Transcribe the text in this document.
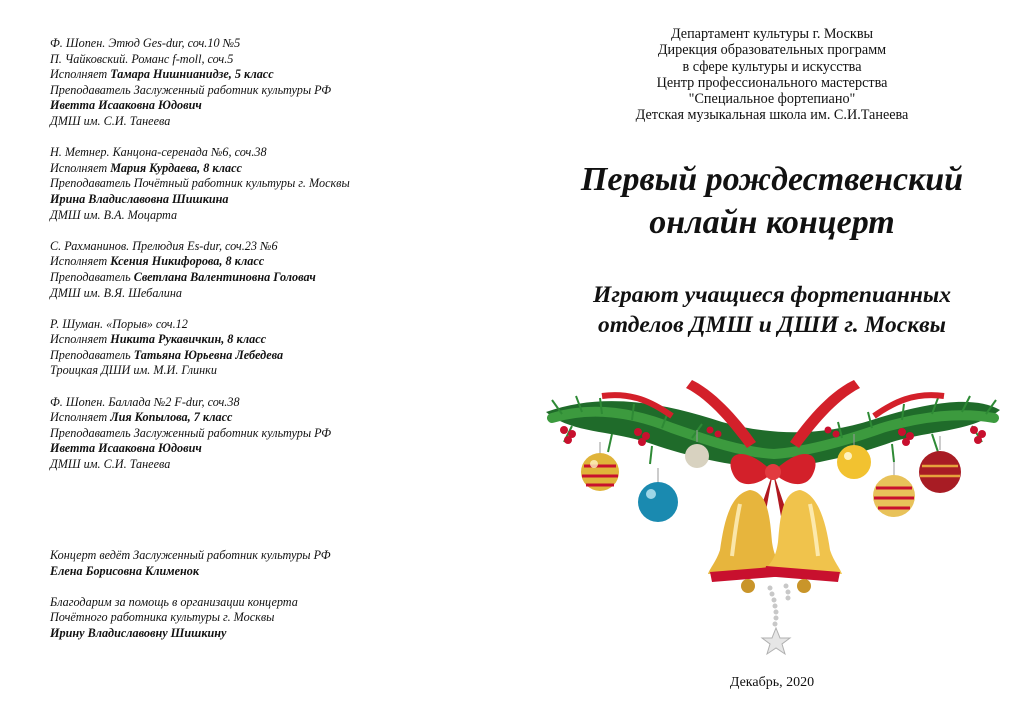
Ф. Шопен. Этюд Ges-dur, соч.10 №5
П. Чайковский. Романс f-moll, соч.5
Исполняет Тамара Нишнианидзе, 5 класс
Преподаватель Заслуженный работник культуры РФ
Иветта Исааковна Юдович
ДМШ им. С.И. Танеева
Н. Метнер. Канцона-серенада №6, соч.38
Исполняет Мария Курдаева, 8 класс
Преподаватель Почётный работник культуры г. Москвы
Ирина Владиславовна Шишкина
ДМШ им. В.А. Моцарта
С. Рахманинов. Прелюдия Es-dur, соч.23 №6
Исполняет Ксения Никифорова, 8 класс
Преподаватель Светлана Валентиновна Головач
ДМШ им. В.Я. Шебалина
Р. Шуман. «Порыв» соч.12
Исполняет Никита Рукавичкин, 8 класс
Преподаватель Татьяна Юрьевна Лебедева
Троицкая ДШИ им. М.И. Глинки
Ф. Шопен. Баллада №2 F-dur, соч.38
Исполняет Лия Копылова, 7 класс
Преподаватель Заслуженный работник культуры РФ
Иветта Исааковна Юдович
ДМШ им. С.И. Танеева
Концерт ведёт Заслуженный работник культуры РФ
Елена Борисовна Клименок
Благодарим за помощь в организации концерта
Почётного работника культуры г. Москвы
Ирину Владиславовну Шишкину
Департамент культуры г. Москвы
Дирекция образовательных программ
в сфере культуры и искусства
Центр профессионального мастерства
"Специальное фортепиано"
Детская музыкальная школа им. С.И.Танеева
Первый рождественский
онлайн концерт
Играют учащиеся фортепианных
отделов ДМШ и ДШИ г. Москвы
Декабрь, 2020
